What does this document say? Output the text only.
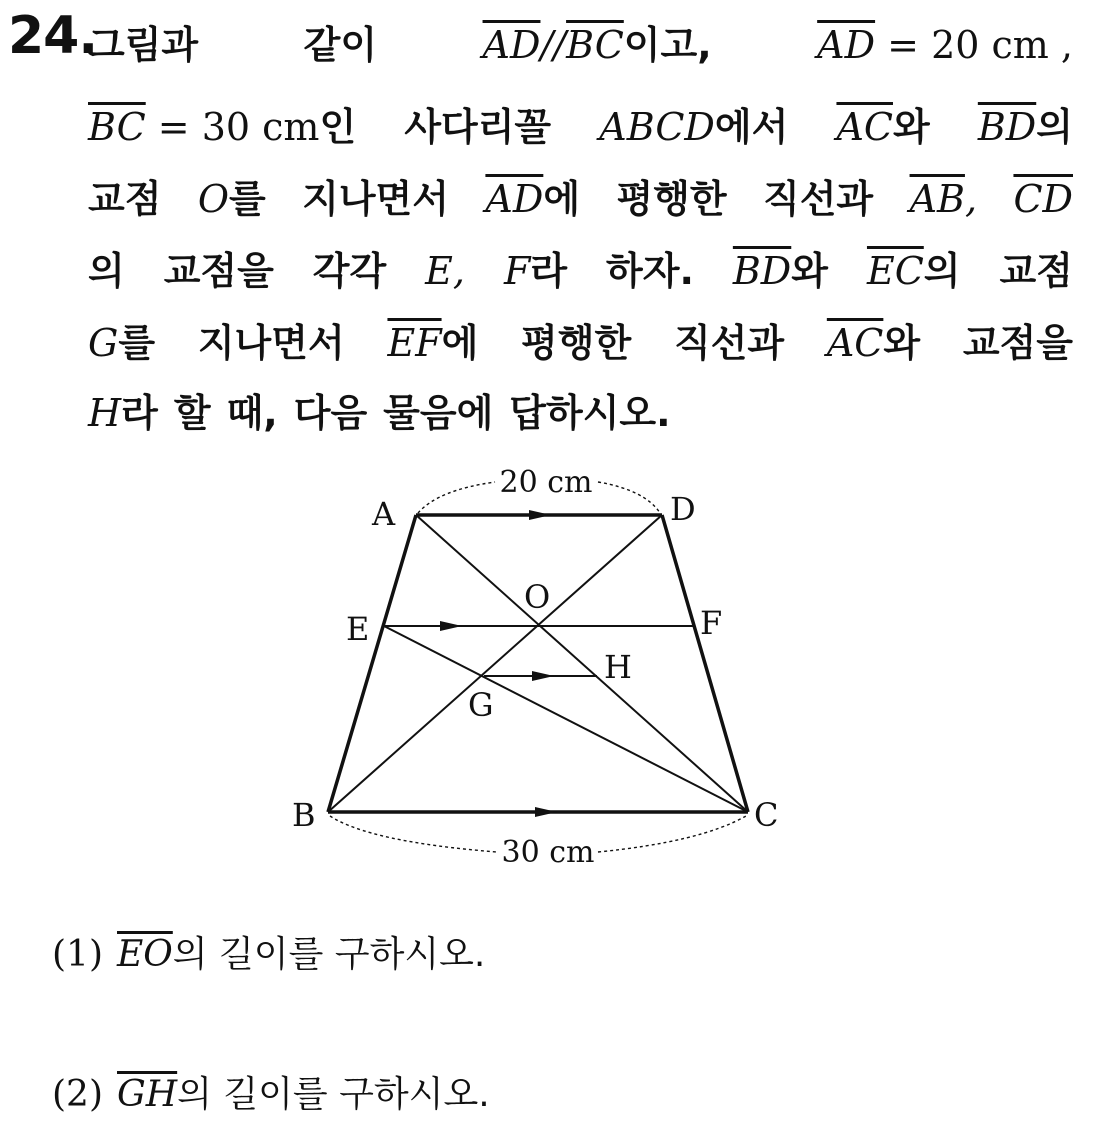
24.
그림과	같이	$\overline{AD}//\overline{BC}$이고,	$\overline{AD} = 20$ cm ,
$\overline{BC} = 30$ cm인 사다리꼴 ABCD에서 $\overline{AC}$와 $\overline{BD}$의
교점 O를 지나면서 $\overline{AD}$에 평행한 직선과 $\overline{AB}$, $\overline{CD}$
의 교점을 각각 E, F라 하자. $\overline{BD}$와 $\overline{EC}$의 교점
G를 지나면서 $\overline{EF}$에 평행한 직선과 $\overline{AC}$와 교점을
H라 할 때, 다음 물음에 답하시오.
A	D
E	F
O
G
H
B	C
20 cm
30 cm
(1) $\overline{EO}$의 길이를 구하시오.
(2) $\overline{GH}$의 길이를 구하시오.
